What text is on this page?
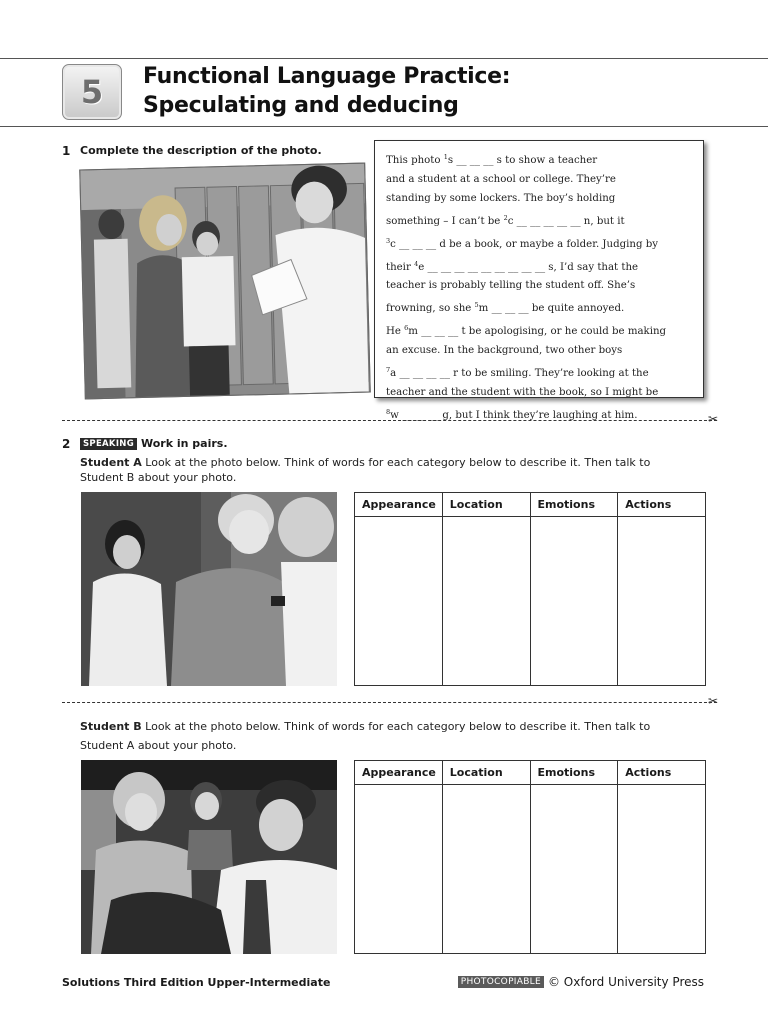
5 Functional Language Practice:
Speculating and deducing
1 Complete the description of the photo.
This photo $^1$s __ __ __ s to show a teacher
and a student at a school or college. They’re
standing by some lockers. The boy’s holding
something – I can’t be $^2$c __ __ __ __ __ n, but it
$^3$c __ __ __ d be a book, or maybe a folder. Judging by
their $^4$e __ __ __ __ __ __ __ __ __ s, I’d say that the
teacher is probably telling the student off. She’s
frowning, so she $^5$m __ __ __ be quite annoyed.
He $^6$m __ __ __ t be apologising, or he could be making
an excuse. In the background, two other boys
$^7$a __ __ __ __ r to be smiling. They’re looking at the
teacher and the student with the book, so I might be
$^8$w __ __ __ g, but I think they’re laughing at him.	✂
2	SPEAKING Work in pairs.
Student A Look at the photo below. Think of words for each category below to describe it. Then talk to Student B about your photo.
Appearance	Location	Emotions	Actions

✂
Student B Look at the photo below. Think of words for each category below to describe it. Then talk to Student A about your photo.
Appearance	Location	Emotions	Actions

Solutions Third Edition Upper-Intermediate	PHOTOCOPIABLE © Oxford University Press
